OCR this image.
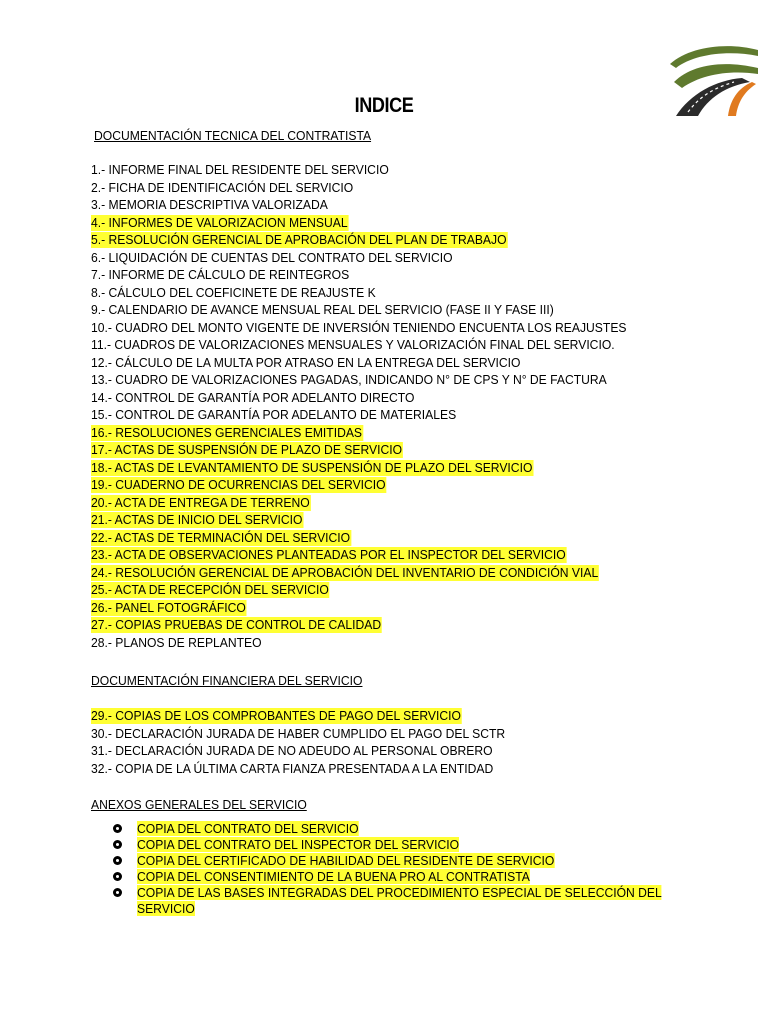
INDICE
DOCUMENTACIÓN TECNICA DEL CONTRATISTA
1.- INFORME FINAL DEL RESIDENTE DEL SERVICIO
2.- FICHA DE IDENTIFICACIÓN DEL SERVICIO
3.- MEMORIA DESCRIPTIVA VALORIZADA
4.- INFORMES DE VALORIZACION MENSUAL
5.- RESOLUCIÓN GERENCIAL DE APROBACIÓN DEL PLAN DE TRABAJO
6.- LIQUIDACIÓN DE CUENTAS DEL CONTRATO DEL SERVICIO
7.- INFORME DE CÁLCULO DE REINTEGROS
8.- CÁLCULO DEL COEFICINETE DE REAJUSTE K
9.- CALENDARIO DE AVANCE MENSUAL REAL DEL SERVICIO (FASE II Y FASE III)
10.- CUADRO DEL MONTO VIGENTE DE INVERSIÓN TENIENDO ENCUENTA LOS REAJUSTES
11.- CUADROS DE VALORIZACIONES MENSUALES Y VALORIZACIÓN FINAL DEL SERVICIO.
12.- CÁLCULO DE LA MULTA POR ATRASO EN LA ENTREGA DEL SERVICIO
13.- CUADRO DE VALORIZACIONES PAGADAS, INDICANDO N° DE CPS Y N° DE FACTURA
14.- CONTROL DE GARANTÍA POR ADELANTO DIRECTO
15.- CONTROL DE GARANTÍA POR ADELANTO DE MATERIALES
16.- RESOLUCIONES GERENCIALES EMITIDAS
17.- ACTAS DE SUSPENSIÓN DE PLAZO DE SERVICIO
18.- ACTAS DE LEVANTAMIENTO DE SUSPENSIÓN DE PLAZO DEL SERVICIO
19.- CUADERNO DE OCURRENCIAS DEL SERVICIO
20.- ACTA DE ENTREGA DE TERRENO
21.- ACTAS DE INICIO DEL SERVICIO
22.- ACTAS DE TERMINACIÓN DEL SERVICIO
23.- ACTA DE OBSERVACIONES PLANTEADAS POR EL INSPECTOR DEL SERVICIO
24.- RESOLUCIÓN GERENCIAL DE APROBACIÓN DEL INVENTARIO DE CONDICIÓN VIAL
25.- ACTA DE RECEPCIÓN DEL SERVICIO
26.- PANEL FOTOGRÁFICO
27.- COPIAS PRUEBAS DE CONTROL DE CALIDAD
28.- PLANOS DE REPLANTEO
DOCUMENTACIÓN FINANCIERA DEL SERVICIO
29.- COPIAS DE LOS COMPROBANTES DE PAGO DEL SERVICIO
30.- DECLARACIÓN JURADA DE HABER CUMPLIDO EL PAGO DEL SCTR
31.- DECLARACIÓN JURADA DE NO ADEUDO AL PERSONAL OBRERO
32.- COPIA DE LA ÚLTIMA CARTA FIANZA PRESENTADA A LA ENTIDAD
ANEXOS GENERALES DEL SERVICIO
COPIA DEL CONTRATO DEL SERVICIO
COPIA DEL CONTRATO DEL INSPECTOR DEL SERVICIO
COPIA DEL CERTIFICADO DE HABILIDAD DEL RESIDENTE DE SERVICIO
COPIA DEL CONSENTIMIENTO DE LA BUENA PRO AL CONTRATISTA
COPIA DE LAS BASES INTEGRADAS DEL PROCEDIMIENTO ESPECIAL DE SELECCIÓN DEL SERVICIO
